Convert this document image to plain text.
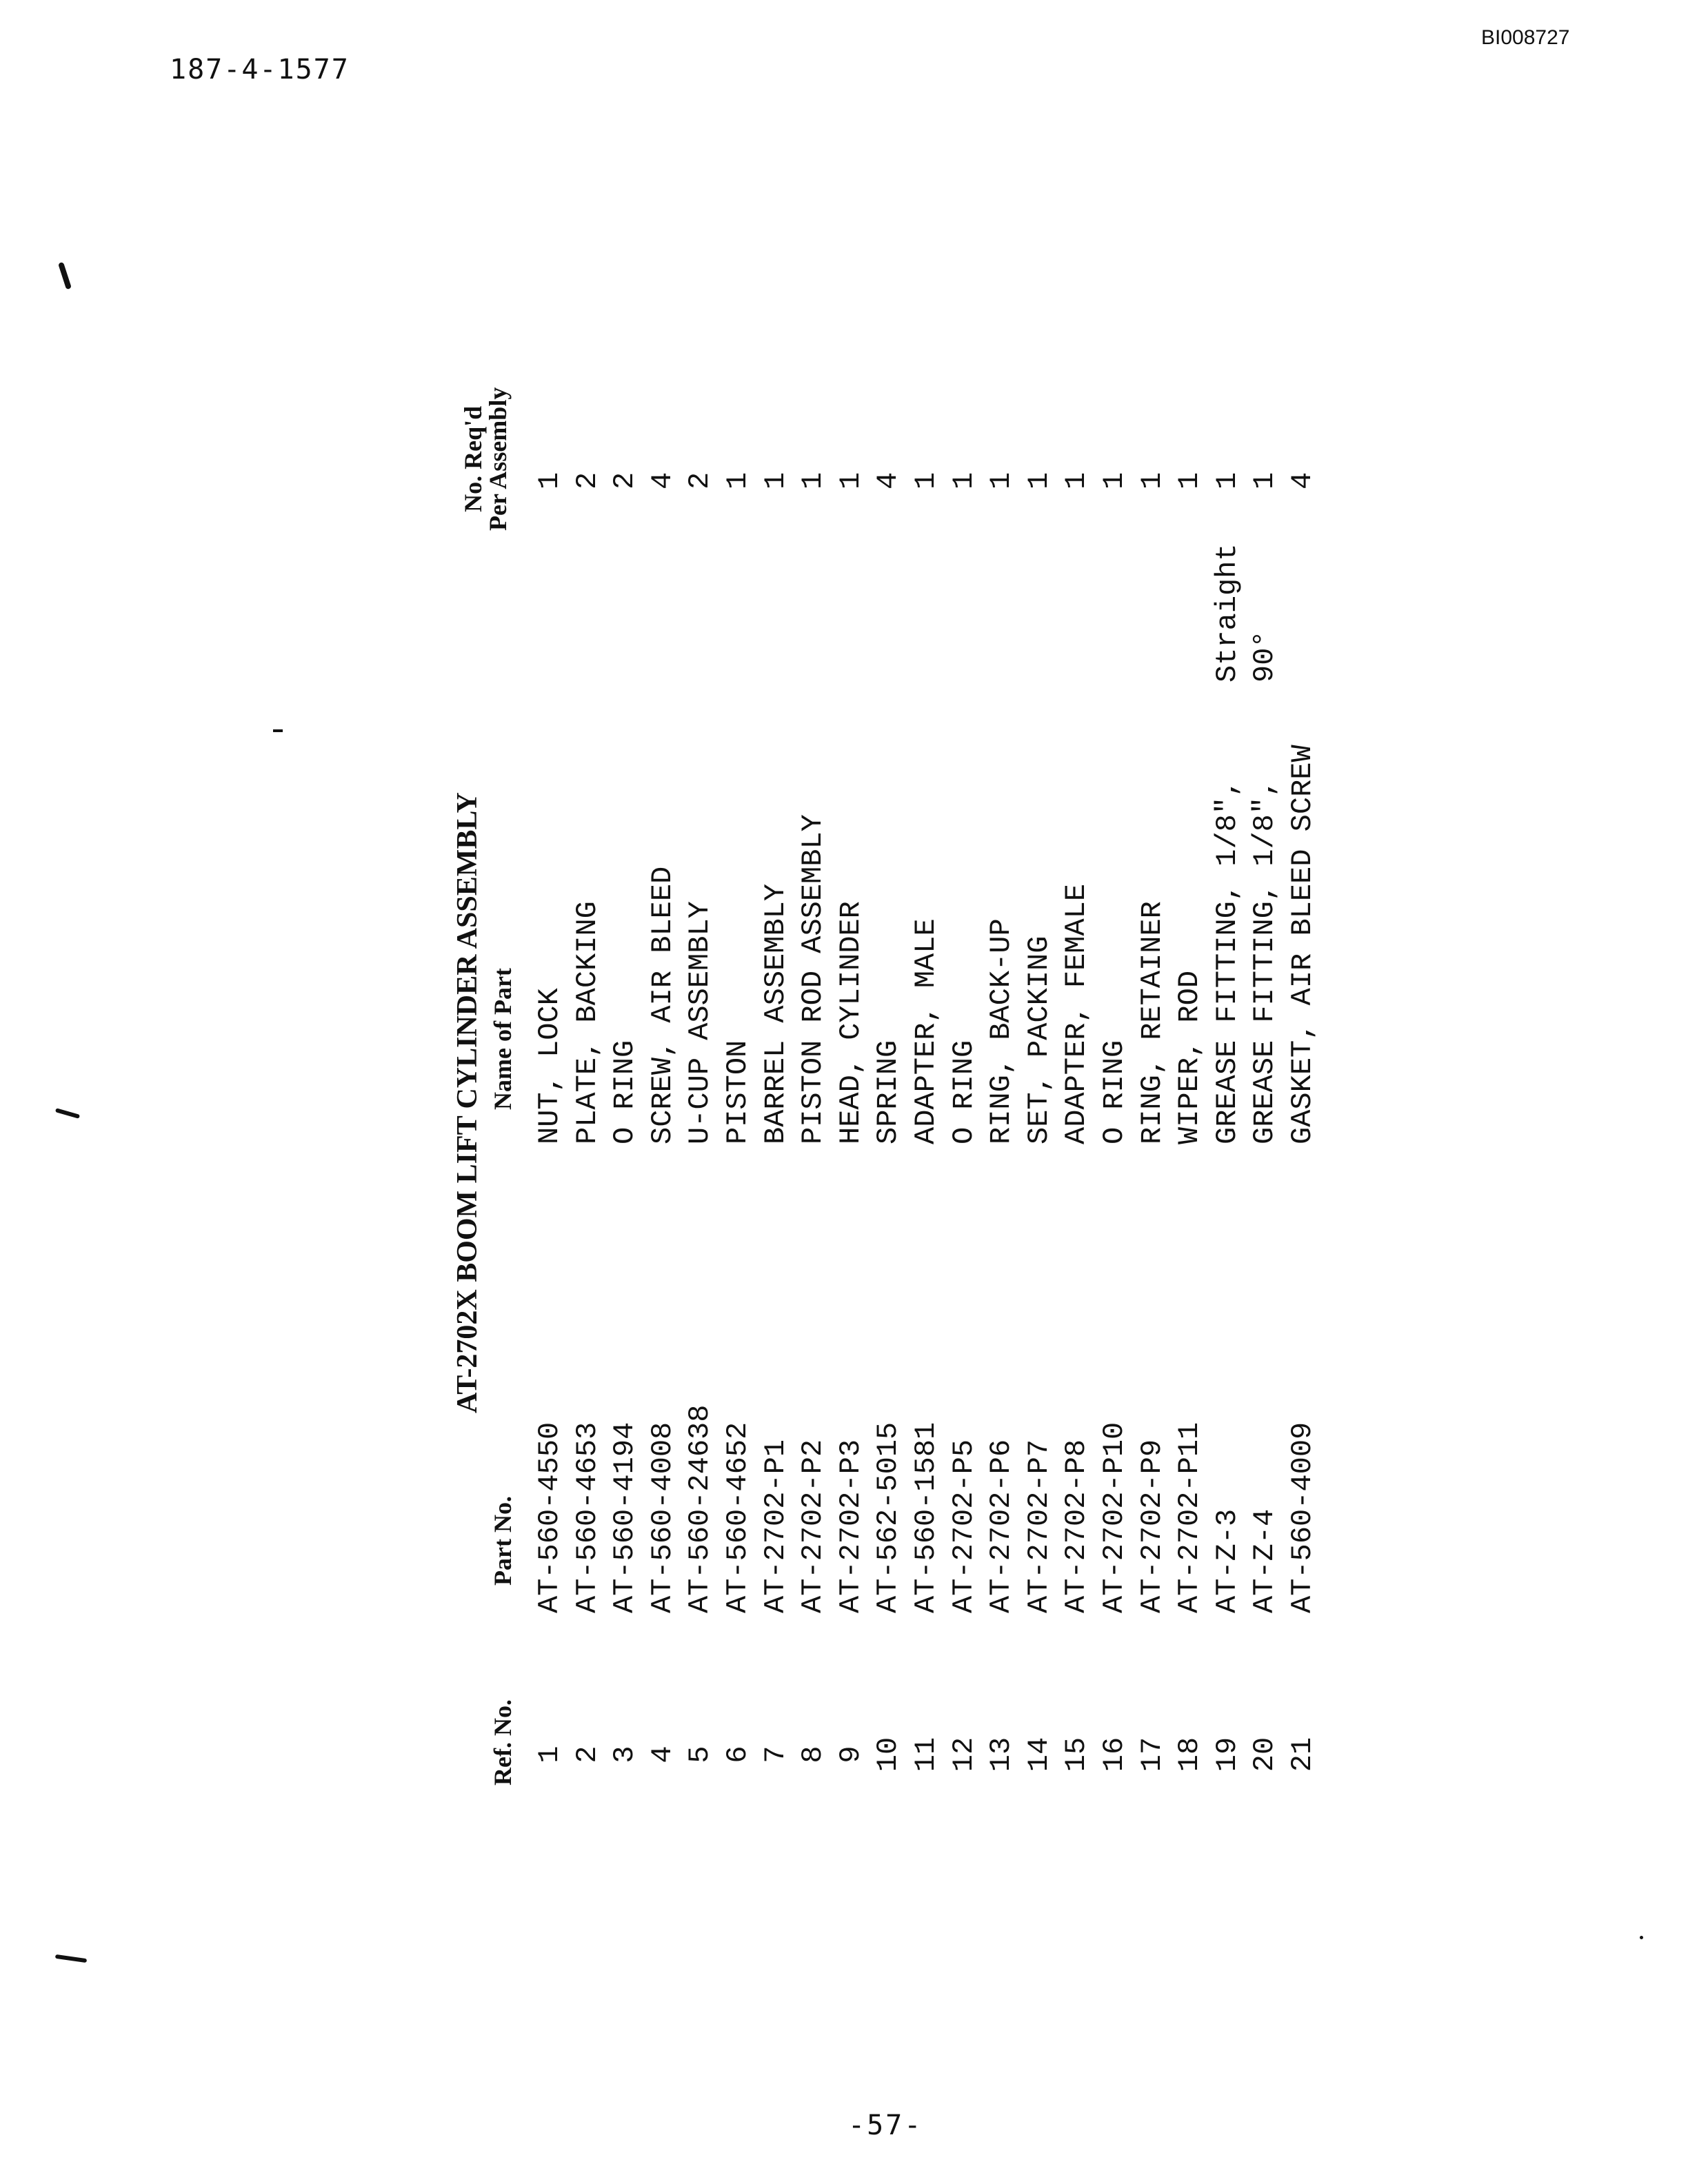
187-4-1577

BI008727
AT-2702X BOOM LIFT CYLINDER ASSEMBLY
Ref. No.
Part No.
Name of Part
No. Req'd
Per Assembly
1
AT-560-4550
NUT, LOCK
1
2
AT-560-4653
PLATE, BACKING
2
3
AT-560-4194
O RING
2
4
AT-560-4008
SCREW, AIR BLEED
4
5
AT-560-24638
U-CUP ASSEMBLY
2
6
AT-560-4652
PISTON
1
7
AT-2702-P1
BARREL ASSEMBLY
1
8
AT-2702-P2
PISTON ROD ASSEMBLY
1
9
AT-2702-P3
HEAD, CYLINDER
1
10
AT-562-5015
SPRING
4
11
AT-560-1581
ADAPTER, MALE
1
12
AT-2702-P5
O RING
1
13
AT-2702-P6
RING, BACK-UP
1
14
AT-2702-P7
SET, PACKING
1
15
AT-2702-P8
ADAPTER, FEMALE
1
16
AT-2702-P10
O RING
1
17
AT-2702-P9
RING, RETAINER
1
18
AT-2702-P11
WIPER, ROD
1
19
AT-Z-3
GREASE FITTING, 1/8",
Straight
1
20
AT-Z-4
GREASE FITTING, 1/8",
90°
1
21
AT-560-4009
GASKET, AIR BLEED SCREW
4
-57-
